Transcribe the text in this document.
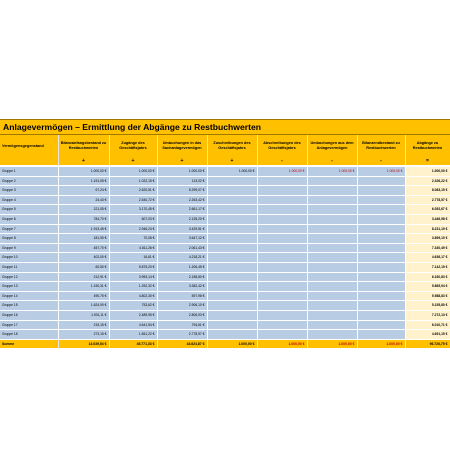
Anlagevermögen – Ermittlung der Abgänge zu Restbuchwerten
Vermögensgegenstand	Bilanzanfangsbestand zu Restbuchwerten	Zugänge des Geschäftsjahrs	Umbuchungen in das Sachanlagevermögen	Zuschreibungen des Geschäftsjahrs	Abschreibungen des Geschäftsjahrs	Umbuchungen aus dem Anlagevermögen	Bilanzendbestand zu Restbuchwerten	Abgänge zu Restbuchwerten
	+	+	+	+	-	-	-	=

Gruppe 1	1.000,00 €	1.000,00 €	1.000,00 €	1.000,00 €	1.000,00 €	1.000,00 €	1.000,00 €	1.000,00 €
Gruppe 2	1.191,05 €	1.022,15 €	113,02 €					2.326,22 €
Gruppe 3	67,24 €	2.620,51 €	5.299,07 €					8.083,15 €
Gruppe 4	24,43 €	2.540,72 €	2.263,42 €					2.778,57 €
Gruppe 5	221,05 €	3.170,45 €	2.661,17 €					6.052,67 €
Gruppe 6	784,70 €	607,03 €	2.135,20 €					3.446,98 €
Gruppe 7	1.913,45 €	2.946,24 €	3.429,51 €					8.231,19 €
Gruppe 8	181,90 €	70,08 €	3.647,12 €					3.899,10 €
Gruppe 9	457,70 €	4.811,26 €	2.061,43 €					7.330,49 €
Gruppe 10	402,00 €	16,61 €	4.218,21 €					4.636,17 €
Gruppe 11	60,50 €	5.875,20 €	1.206,45 €					7.142,19 €
Gruppe 12	212,91 €	3.953,14 €	2.158,80 €					6.330,83 €
Gruppe 13	1.190,31 €	1.292,32 €	3.382,42 €					5.865,94 €
Gruppe 14	490,75 €	4.802,30 €	597,98 €					5.988,83 €
Gruppe 15	1.624,90 €	753,62 €	2.906,10 €					5.155,80 €
Gruppe 16	1.931,11 €	2.489,95 €	2.806,93 €					7.272,13 €
Gruppe 17	215,15 €	4.641,54 €	794,61 €					6.010,71 €
Gruppe 18	273,15 €	1.651,22 €	2.778,97 €					4.691,15 €
Summe	14.039,54 €	45.771,33 €	43.624,87 €	1.000,00 €	1.000,00 €	1.000,00 €	1.000,00 €	96.726,75 €
